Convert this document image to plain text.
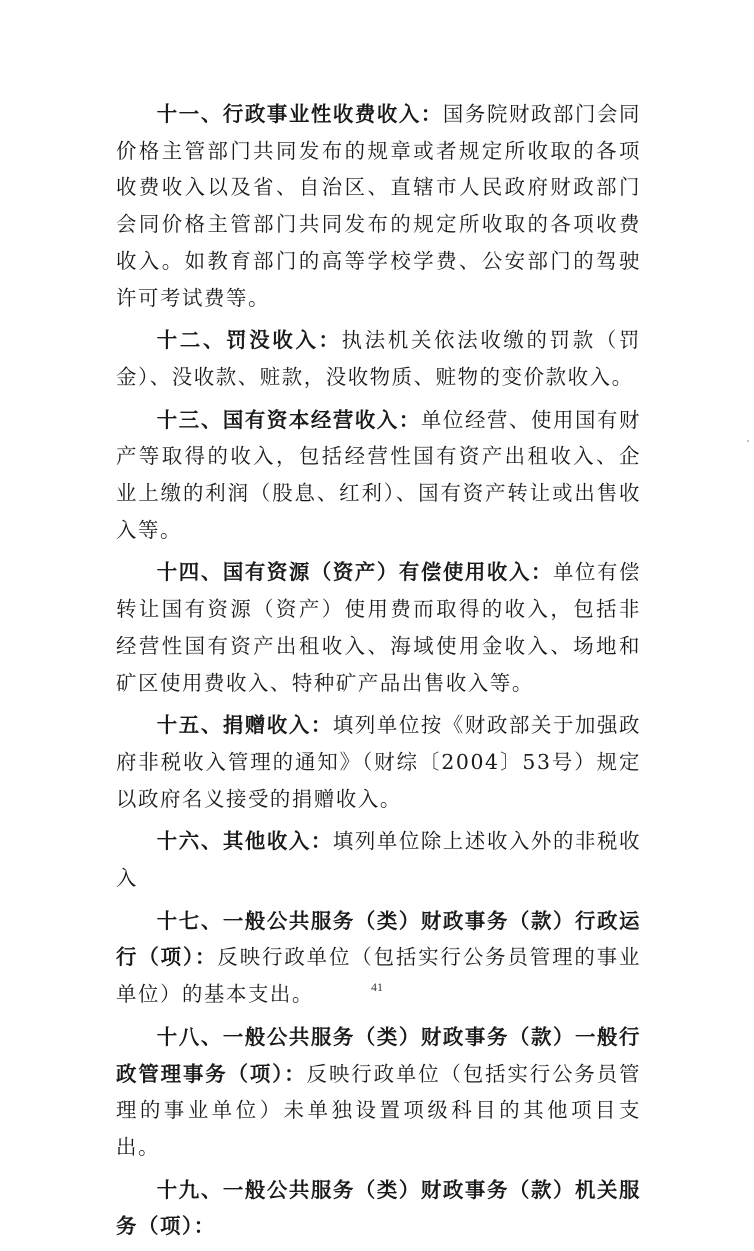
十一、行政事业性收费收入：国务院财政部门会同价格主管部门共同发布的规章或者规定所收取的各项收费收入以及省、自治区、直辖市人民政府财政部门会同价格主管部门共同发布的规定所收取的各项收费收入。如教育部门的高等学校学费、公安部门的驾驶许可考试费等。

十二、罚没收入：执法机关依法收缴的罚款（罚金）、没收款、赃款，没收物质、赃物的变价款收入。

十三、国有资本经营收入：单位经营、使用国有财产等取得的收入，包括经营性国有资产出租收入、企业上缴的利润（股息、红利）、国有资产转让或出售收入等。

十四、国有资源（资产）有偿使用收入：单位有偿转让国有资源（资产）使用费而取得的收入，包括非经营性国有资产出租收入、海域使用金收入、场地和矿区使用费收入、特种矿产品出售收入等。

十五、捐赠收入：填列单位按《财政部关于加强政府非税收入管理的通知》（财综〔2004〕53号）规定以政府名义接受的捐赠收入。

十六、其他收入：填列单位除上述收入外的非税收入

十七、一般公共服务（类）财政事务（款）行政运行（项）：反映行政单位（包括实行公务员管理的事业单位）的基本支出。

十八、一般公共服务（类）财政事务（款）一般行政管理事务（项）：反映行政单位（包括实行公务员管理的事业单位）未单独设置项级科目的其他项目支出。

十九、一般公共服务（类）财政事务（款）机关服务（项）：

41
